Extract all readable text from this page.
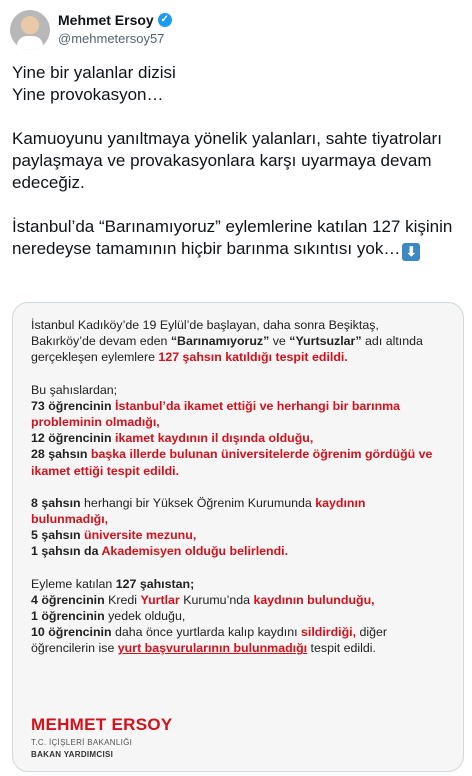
Mehmet Ersoy ✓
@mehmetersoy57

Yine bir yalanlar dizisi

Yine provokasyon…

Kamuoyunu yanıltmaya yönelik yalanları, sahte tiyatroları paylaşmaya ve provakasyonlara karşı uyarmaya devam edeceğiz.

İstanbul’da “Barınamıyoruz” eylemlerine katılan 127 kişinin neredeyse tamamının hiçbir barınma sıkıntısı yok… ⬇

İstanbul Kadıköy’de 19 Eylül’de başlayan, daha sonra Beşiktaş, Bakırköy’de devam eden “Barınamıyoruz” ve “Yurtsuzlar” adı altında gerçekleşen eylemlere 127 şahsın katıldığı tespit edildi.

Bu şahıslardan;

73 öğrencinin İstanbul’da ikamet ettiği ve herhangi bir barınma probleminin olmadığı,

12 öğrencinin ikamet kaydının il dışında olduğu,

28 şahsın başka illerde bulunan üniversitelerde öğrenim gördüğü ve ikamet ettiği tespit edildi.

8 şahsın herhangi bir Yüksek Öğrenim Kurumunda kaydının bulunmadığı,

5 şahsın üniversite mezunu,

1 şahsın da Akademisyen olduğu belirlendi.

Eyleme katılan 127 şahıstan;

4 öğrencinin Kredi Yurtlar Kurumu’nda kaydının bulunduğu,

1 öğrencinin yedek olduğu,

10 öğrencinin daha önce yurtlarda kalıp kaydını sildirdiği, diğer öğrencilerin ise yurt başvurularının bulunmadığı tespit edildi.

MEHMET ERSOY
T.C. İÇİŞLERİ BAKANLIĞI
BAKAN YARDIMCISI
